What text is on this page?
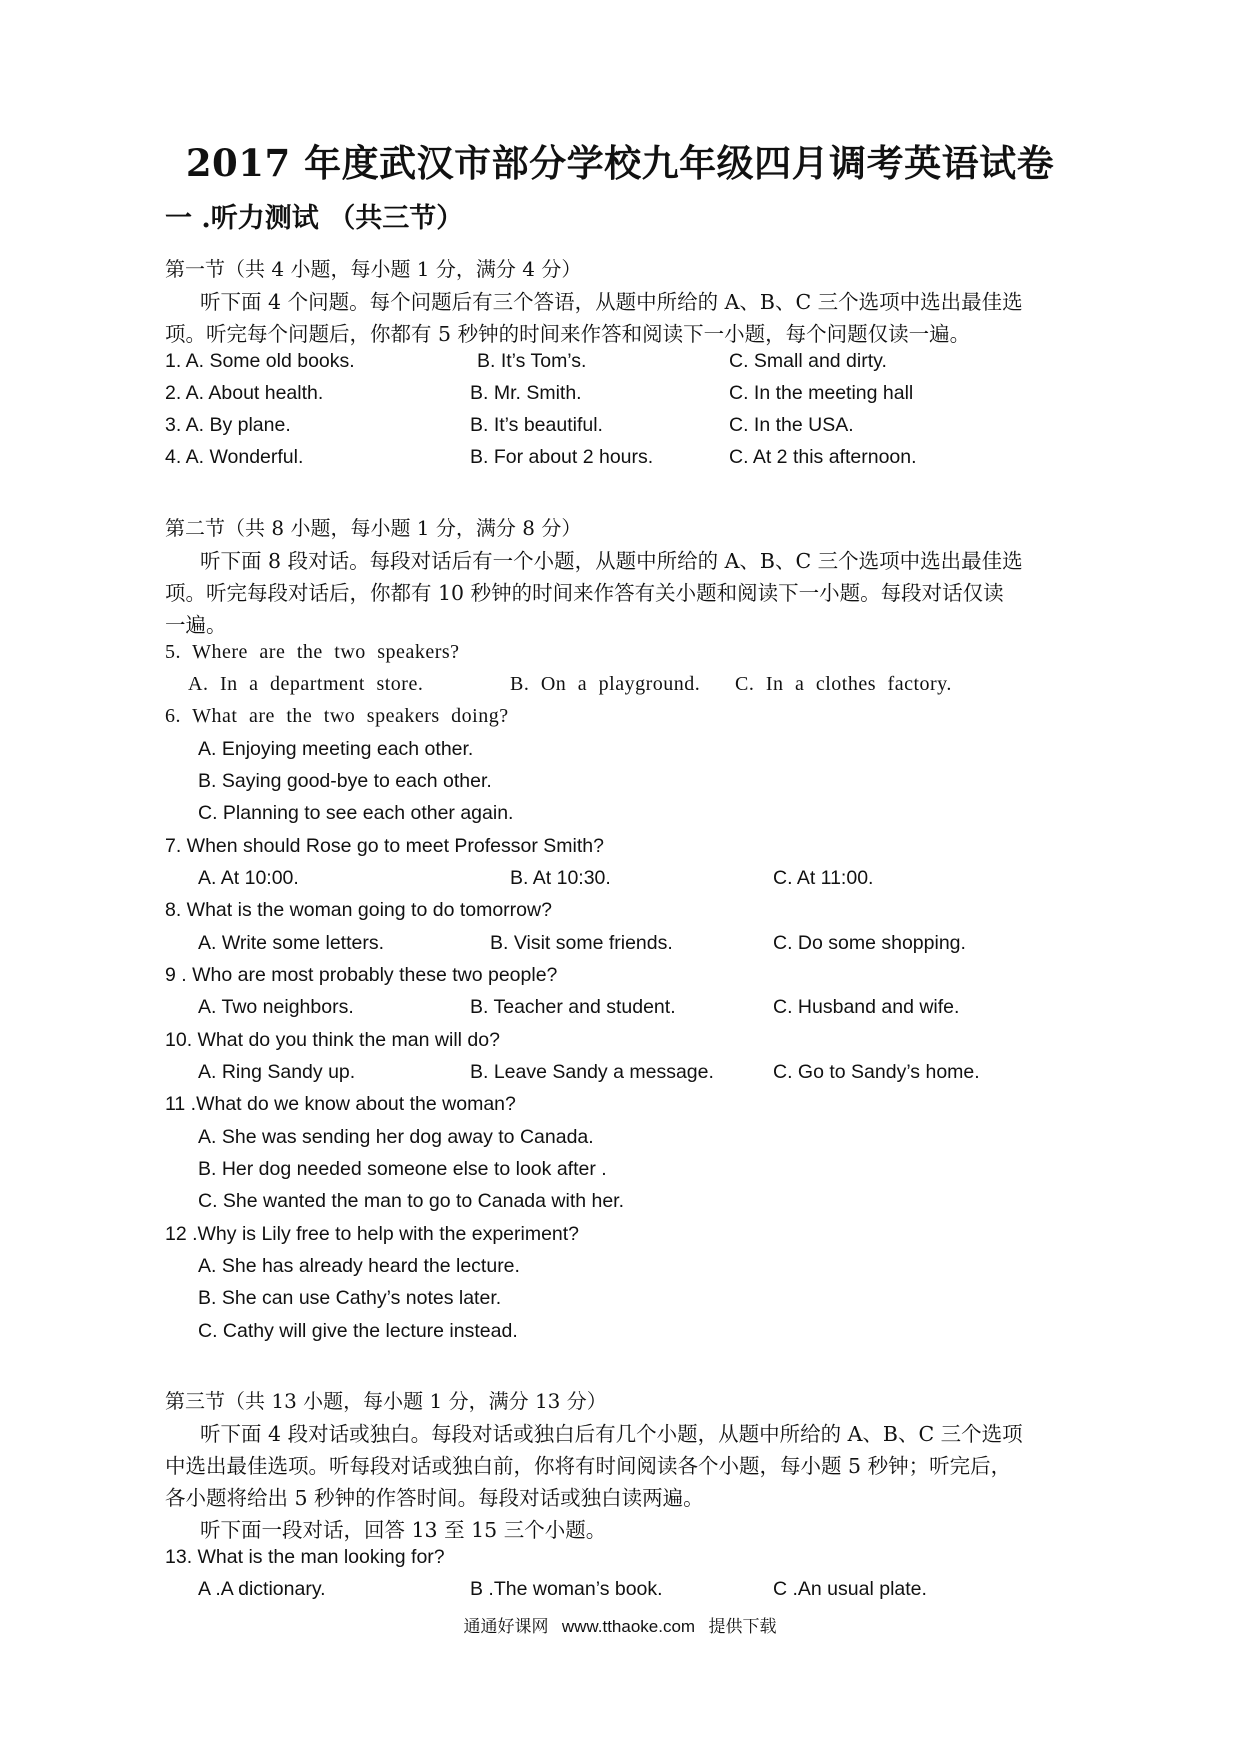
2017 年度武汉市部分学校九年级四月调考英语试卷
一 .听力测试 （共三节）
第一节（共 4 小题，每小题 1 分，满分 4 分）
听下面 4 个问题。每个问题后有三个答语，从题中所给的 A、B、C 三个选项中选出最佳选
项。听完每个问题后，你都有 5 秒钟的时间来作答和阅读下一小题，每个问题仅读一遍。
1. A. Some old books.	B. It’s Tom’s.	C. Small and dirty.
2. A. About health.	B. Mr. Smith.	C. In the meeting hall
3. A. By plane.	B. It’s beautiful.	C. In the USA.
4. A. Wonderful.	B. For about 2 hours.	C. At 2 this afternoon.
第二节（共 8 小题，每小题 1 分，满分 8 分）
听下面 8 段对话。每段对话后有一个小题，从题中所给的 A、B、C 三个选项中选出最佳选
项。听完每段对话后，你都有 10 秒钟的时间来作答有关小题和阅读下一小题。每段对话仅读
一遍。
5. Where are the two speakers?
A. In a department store.	B. On a playground. C. In a clothes factory.
6. What are the two speakers doing?
A. Enjoying meeting each other.
B. Saying good-bye to each other.
C. Planning to see each other again.
7. When should Rose go to meet Professor Smith?
A. At 10:00.	B. At 10:30.	C. At 11:00.
8. What is the woman going to do tomorrow?
A. Write some letters.	B. Visit some friends.	C. Do some shopping.
9 . Who are most probably these two people?
A. Two neighbors.	B. Teacher and student.	C. Husband and wife.
10. What do you think the man will do?
A. Ring Sandy up.	B. Leave Sandy a message.	C. Go to Sandy’s home.
11 .What do we know about the woman?
A. She was sending her dog away to Canada.
B. Her dog needed someone else to look after .
C. She wanted the man to go to Canada with her.
12 .Why is Lily free to help with the experiment?
A. She has already heard the lecture.
B. She can use Cathy’s notes later.
C. Cathy will give the lecture instead.
第三节（共 13 小题，每小题 1 分，满分 13 分）
听下面 4 段对话或独白。每段对话或独白后有几个小题，从题中所给的 A、B、C 三个选项
中选出最佳选项。听每段对话或独白前，你将有时间阅读各个小题，每小题 5 秒钟；听完后，
各小题将给出 5 秒钟的作答时间。每段对话或独白读两遍。
听下面一段对话，回答 13 至 15 三个小题。
13. What is the man looking for?
A .A dictionary.	B .The woman’s book.	C .An usual plate.
通通好课网 www.tthaoke.com 提供下载
